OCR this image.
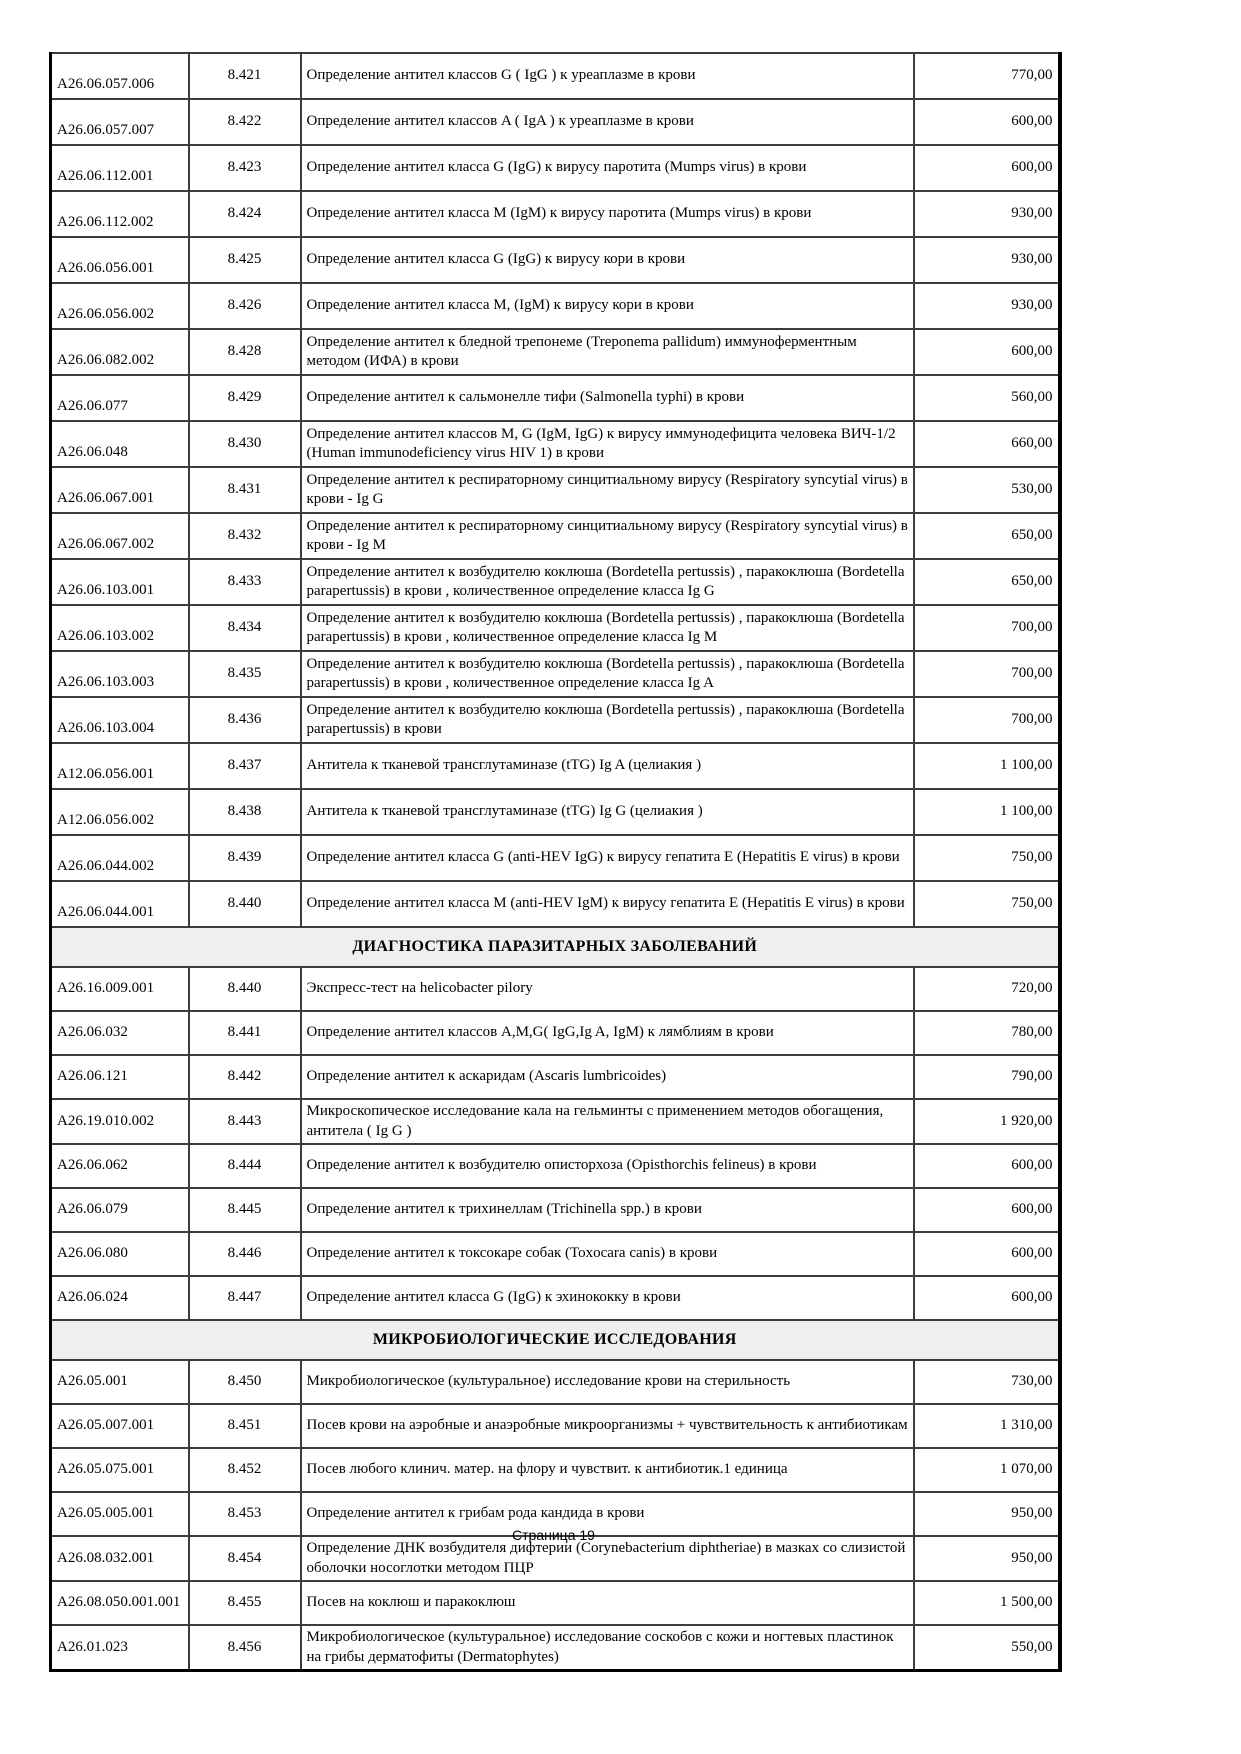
A26.06.057.006	8.421	Определение антител классов G ( IgG ) к уреаплазме в крови	770,00
A26.06.057.007	8.422	Определение антител классов A ( IgA ) к уреаплазме в крови	600,00
A26.06.112.001	8.423	Определение антител класса G (IgG) к вирусу паротита (Mumps virus) в крови	600,00
A26.06.112.002	8.424	Определение антител класса M (IgM) к вирусу паротита (Mumps virus) в крови	930,00
A26.06.056.001	8.425	Определение антител класса G (IgG) к вирусу кори в крови	930,00
A26.06.056.002	8.426	Определение антител класса M, (IgM) к вирусу кори в крови	930,00
A26.06.082.002	8.428	Определение антител к бледной трепонеме (Treponema pallidum) иммуноферментным методом (ИФА) в крови	600,00
A26.06.077	8.429	Определение антител к сальмонелле тифи (Salmonella typhi) в крови	560,00
A26.06.048	8.430	Определение антител классов M, G (IgM, IgG) к вирусу иммунодефицита человека ВИЧ-1/2 (Human immunodeficiency virus HIV 1) в крови	660,00
A26.06.067.001	8.431	Определение антител к респираторному синцитиальному вирусу (Respiratory syncytial virus) в крови - Ig G	530,00
A26.06.067.002	8.432	Определение антител к респираторному синцитиальному вирусу (Respiratory syncytial virus) в крови - Ig M	650,00
A26.06.103.001	8.433	Определение антител к возбудителю коклюша (Bordetella pertussis) , паракоклюша (Bordetella parapertussis) в крови , количественное определение класса Ig G	650,00
A26.06.103.002	8.434	Определение антител к возбудителю коклюша (Bordetella pertussis) , паракоклюша (Bordetella parapertussis) в крови , количественное определение класса Ig M	700,00
A26.06.103.003	8.435	Определение антител к возбудителю коклюша (Bordetella pertussis) , паракоклюша (Bordetella parapertussis) в крови , количественное определение класса Ig A	700,00
A26.06.103.004	8.436	Определение антител к возбудителю коклюша (Bordetella pertussis) , паракоклюша (Bordetella parapertussis) в крови	700,00
A12.06.056.001	8.437	Антитела к тканевой трансглутаминазе (tTG) Ig A (целиакия )	1 100,00
A12.06.056.002	8.438	Антитела к тканевой трансглутаминазе (tTG) Ig G (целиакия )	1 100,00
A26.06.044.002	8.439	Определение антител класса G (anti-HEV IgG) к вирусу гепатита E (Hepatitis E virus) в крови	750,00
A26.06.044.001	8.440	Определение антител класса M (anti-HEV IgM) к вирусу гепатита E (Hepatitis E virus) в крови	750,00
ДИАГНОСТИКА ПАРАЗИТАРНЫХ ЗАБОЛЕВАНИЙ			
A26.16.009.001	8.440	Экспресс-тест на helicobacter pilory	720,00
A26.06.032	8.441	Определение антител классов A,M,G( IgG,Ig A, IgM) к лямблиям в крови	780,00
A26.06.121	8.442	Определение антител к аскаридам (Ascaris lumbricoides)	790,00
A26.19.010.002	8.443	Микроскопическое исследование кала на гельминты с применением методов обогащения, антитела ( Ig G )	1 920,00
A26.06.062	8.444	Определение антител к возбудителю описторхоза (Opisthorchis felineus) в крови	600,00
A26.06.079	8.445	Определение антител к трихинеллам (Trichinella spp.) в крови	600,00
A26.06.080	8.446	Определение антител к токсокаре собак (Toxocara canis) в крови	600,00
A26.06.024	8.447	Определение антител класса G (IgG) к эхинококку в крови	600,00
МИКРОБИОЛОГИЧЕСКИЕ ИССЛЕДОВАНИЯ			
A26.05.001	8.450	Микробиологическое (культуральное) исследование крови на стерильность	730,00
A26.05.007.001	8.451	Посев крови на аэробные и анаэробные микроорганизмы + чувствительность к антибиотикам	1 310,00
A26.05.075.001	8.452	Посев любого клинич. матер. на флору и чувствит. к антибиотик.1 единица	1 070,00
A26.05.005.001	8.453	Определение антител к грибам рода кандида в крови	950,00
A26.08.032.001	8.454	Определение ДНК возбудителя дифтерии (Corynebacterium diphtheriae) в мазках со слизистой оболочки носоглотки методом ПЦР	950,00
A26.08.050.001.001	8.455	Посев на коклюш и паракоклюш	1 500,00
A26.01.023	8.456	Микробиологическое (культуральное) исследование соскобов с кожи и ногтевых пластинок на грибы дерматофиты (Dermatophytes)	550,00
Страница 19
